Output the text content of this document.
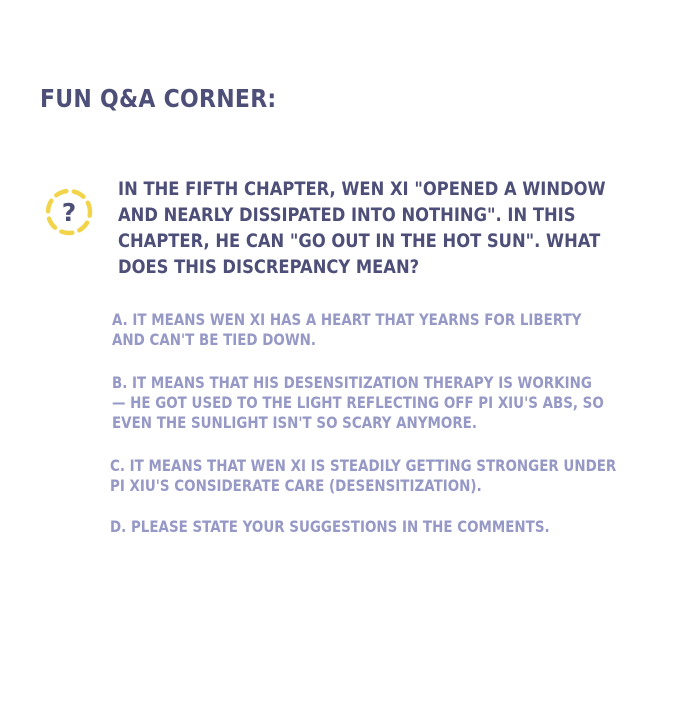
FUN Q&A CORNER:
?

IN THE FIFTH CHAPTER, WEN XI "OPENED A WINDOW
AND NEARLY DISSIPATED INTO NOTHING". IN THIS
CHAPTER, HE CAN "GO OUT IN THE HOT SUN". WHAT
DOES THIS DISCREPANCY MEAN?

A. IT MEANS WEN XI HAS A HEART THAT YEARNS FOR LIBERTY
AND CAN'T BE TIED DOWN.

B. IT MEANS THAT HIS DESENSITIZATION THERAPY IS WORKING
— HE GOT USED TO THE LIGHT REFLECTING OFF PI XIU'S ABS, SO
EVEN THE SUNLIGHT ISN'T SO SCARY ANYMORE.

C. IT MEANS THAT WEN XI IS STEADILY GETTING STRONGER UNDER
PI XIU'S CONSIDERATE CARE (DESENSITIZATION).

D. PLEASE STATE YOUR SUGGESTIONS IN THE COMMENTS.
